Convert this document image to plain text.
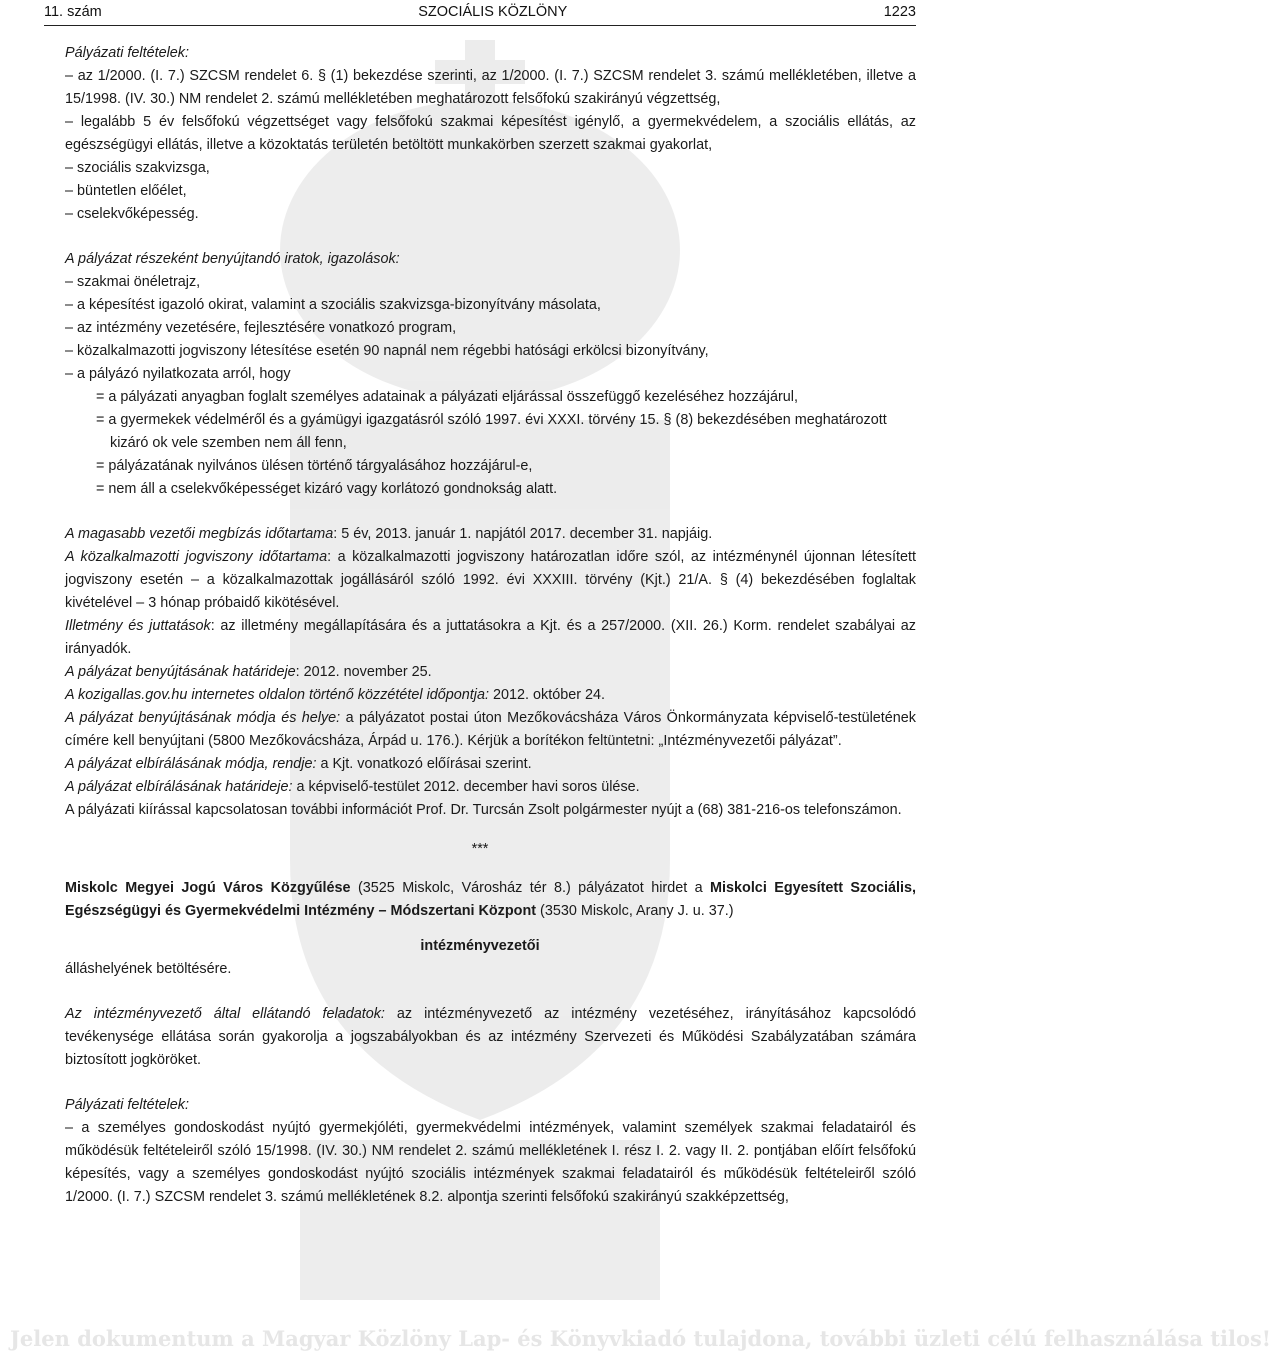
11. szám	SZOCIÁLIS KÖZLÖNY	1223

Pályázati feltételek:

– az 1/2000. (I. 7.) SZCSM rendelet 6. § (1) bekezdése szerinti, az 1/2000. (I. 7.) SZCSM rendelet 3. számú mellékletében, illetve a 15/1998. (IV. 30.) NM rendelet 2. számú mellékletében meghatározott felsőfokú szakirányú végzettség,

– legalább 5 év felsőfokú végzettséget vagy felsőfokú szakmai képesítést igénylő, a gyermekvédelem, a szociális ellátás, az egészségügyi ellátás, illetve a közoktatás területén betöltött munkakörben szerzett szakmai gyakorlat,

– szociális szakvizsga,

– büntetlen előélet,

– cselekvőképesség.

A pályázat részeként benyújtandó iratok, igazolások:

– szakmai önéletrajz,

– a képesítést igazoló okirat, valamint a szociális szakvizsga-bizonyítvány másolata,

– az intézmény vezetésére, fejlesztésére vonatkozó program,

– közalkalmazotti jogviszony létesítése esetén 90 napnál nem régebbi hatósági erkölcsi bizonyítvány,

– a pályázó nyilatkozata arról, hogy

= a pályázati anyagban foglalt személyes adatainak a pályázati eljárással összefüggő kezeléséhez hozzájárul,

= a gyermekek védelméről és a gyámügyi igazgatásról szóló 1997. évi XXXI. törvény 15. § (8) bekezdésében meghatározott

kizáró ok vele szemben nem áll fenn,

= pályázatának nyilvános ülésen történő tárgyalásához hozzájárul-e,

= nem áll a cselekvőképességet kizáró vagy korlátozó gondnokság alatt.

A magasabb vezetői megbízás időtartama: 5 év, 2013. január 1. napjától 2017. december 31. napjáig.

A közalkalmazotti jogviszony időtartama: a közalkalmazotti jogviszony határozatlan időre szól, az intézménynél újonnan létesített jogviszony esetén – a közalkalmazottak jogállásáról szóló 1992. évi XXXIII. törvény (Kjt.) 21/A. § (4) bekezdésében foglaltak kivételével – 3 hónap próbaidő kikötésével.

Illetmény és juttatások: az illetmény megállapítására és a juttatásokra a Kjt. és a 257/2000. (XII. 26.) Korm. rendelet szabályai az irányadók.

A pályázat benyújtásának határideje: 2012. november 25.

A kozigallas.gov.hu internetes oldalon történő közzététel időpontja: 2012. október 24.

A pályázat benyújtásának módja és helye: a pályázatot postai úton Mezőkovácsháza Város Önkormányzata képviselő-testületének címére kell benyújtani (5800 Mezőkovácsháza, Árpád u. 176.). Kérjük a borítékon feltüntetni: „Intézményvezetői pályázat”.

A pályázat elbírálásának módja, rendje: a Kjt. vonatkozó előírásai szerint.

A pályázat elbírálásának határideje: a képviselő-testület 2012. december havi soros ülése.

A pályázati kiírással kapcsolatosan további információt Prof. Dr. Turcsán Zsolt polgármester nyújt a (68) 381-216-os telefonszámon.

***

Miskolc Megyei Jogú Város Közgyűlése (3525 Miskolc, Városház tér 8.) pályázatot hirdet a Miskolci Egyesített Szociális, Egészségügyi és Gyermekvédelmi Intézmény – Módszertani Központ (3530 Miskolc, Arany J. u. 37.)

intézményvezetői

álláshelyének betöltésére.

Az intézményvezető által ellátandó feladatok: az intézményvezető az intézmény vezetéséhez, irányításához kapcsolódó tevékenysége ellátása során gyakorolja a jogszabályokban és az intézmény Szervezeti és Működési Szabályzatában számára biztosított jogköröket.

Pályázati feltételek:

– a személyes gondoskodást nyújtó gyermekjóléti, gyermekvédelmi intézmények, valamint személyek szakmai feladatairól és működésük feltételeiről szóló 15/1998. (IV. 30.) NM rendelet 2. számú mellékletének I. rész I. 2. vagy II. 2. pontjában előírt felsőfokú képesítés, vagy a személyes gondoskodást nyújtó szociális intézmények szakmai feladatairól és működésük feltételeiről szóló 1/2000. (I. 7.) SZCSM rendelet 3. számú mellékletének 8.2. alpontja szerinti felsőfokú szakirányú szakképzettség,

Jelen dokumentum a Magyar Közlöny Lap- és Könyvkiadó tulajdona, további üzleti célú felhasználása tilos!
